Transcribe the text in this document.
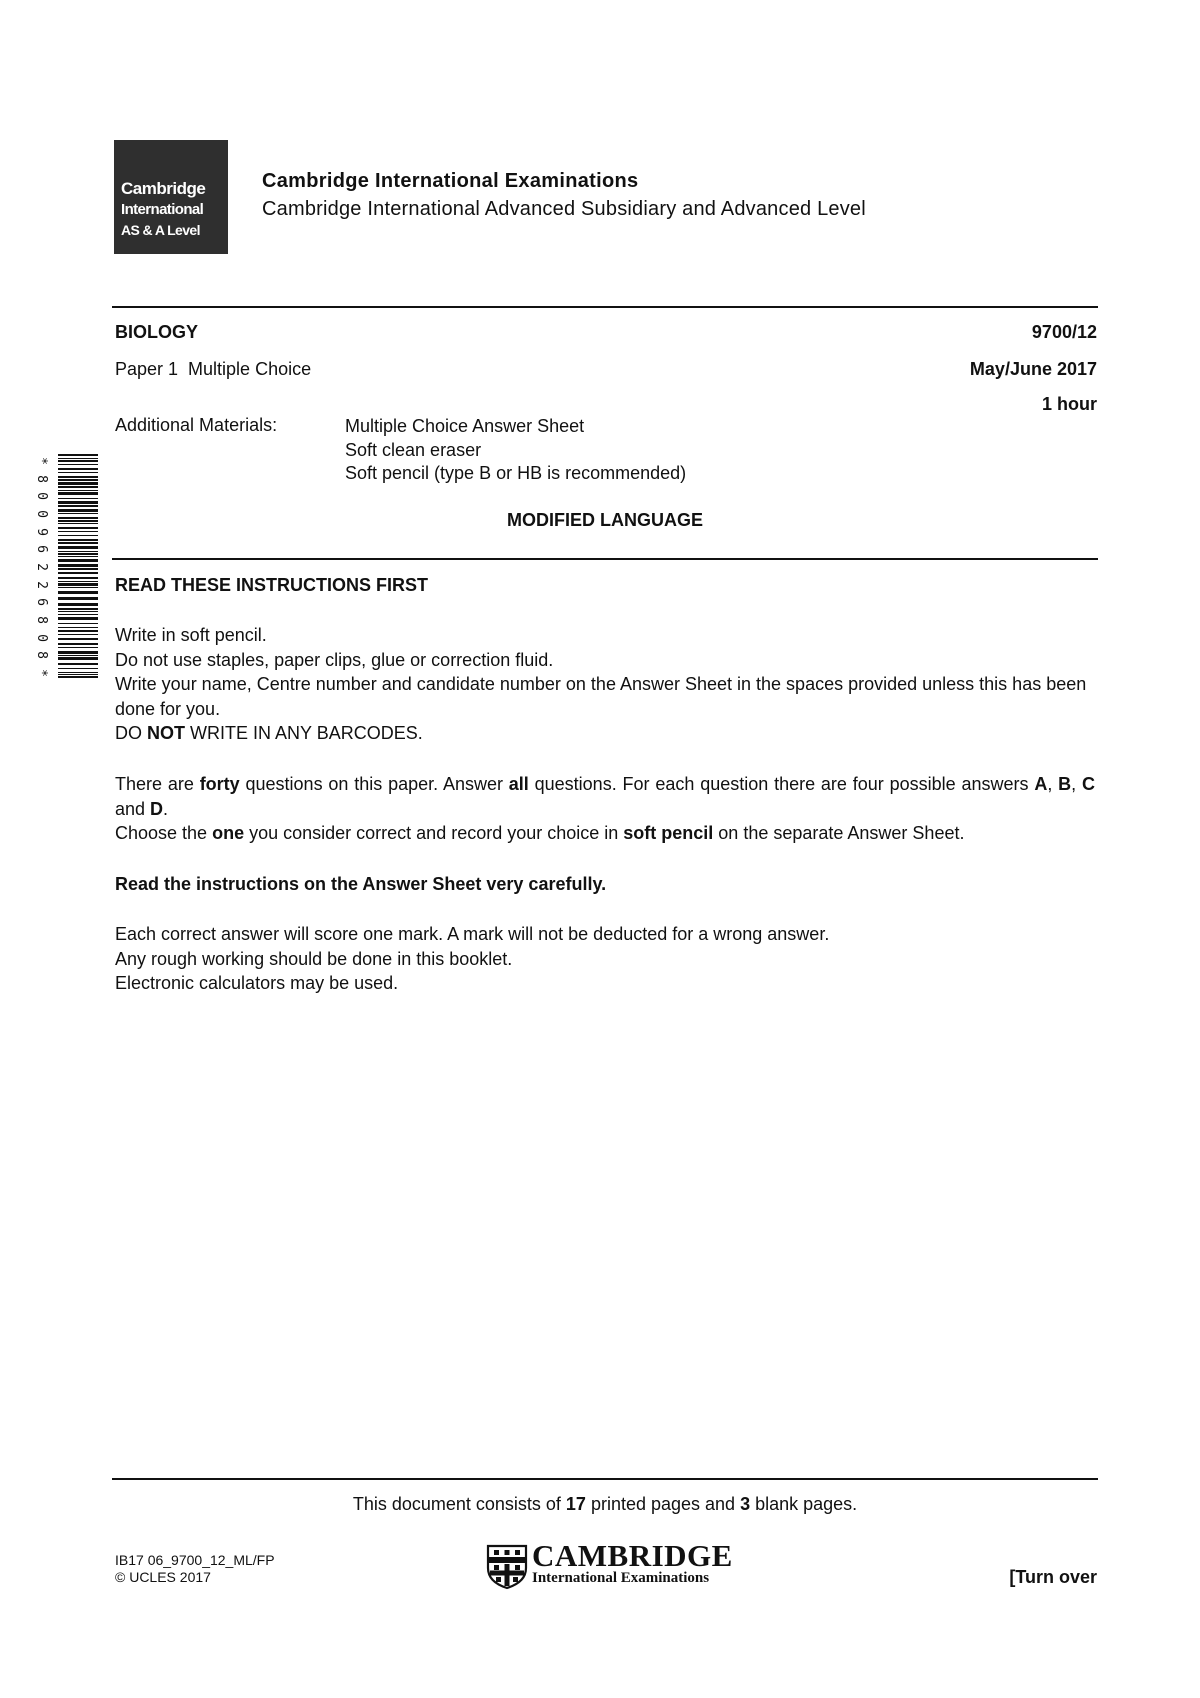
Cambridge
International
AS & A Level
Cambridge International Examinations
Cambridge International Advanced Subsidiary and Advanced Level
BIOLOGY	9700/12
Paper 1  Multiple Choice	May/June 2017
1 hour
Additional Materials:	Multiple Choice Answer Sheet
Soft clean eraser
Soft pencil (type B or HB is recommended)
MODIFIED LANGUAGE
*
8
0
0
9
6
2
2
6
8
0
8
*
READ THESE INSTRUCTIONS FIRST

Write in soft pencil.

Do not use staples, paper clips, glue or correction fluid.

Write your name, Centre number and candidate number on the Answer Sheet in the spaces provided unless this has been done for you.

DO NOT WRITE IN ANY BARCODES.

There are forty questions on this paper. Answer all questions. For each question there are four possible answers A, B, C and D.

Choose the one you consider correct and record your choice in soft pencil on the separate Answer Sheet.

Read the instructions on the Answer Sheet very carefully.

Each correct answer will score one mark. A mark will not be deducted for a wrong answer.

Any rough working should be done in this booklet.

Electronic calculators may be used.

This document consists of 17 printed pages and 3 blank pages.
IB17 06_9700_12_ML/FP
© UCLES 2017
CAMBRIDGE
International Examinations	[Turn over
